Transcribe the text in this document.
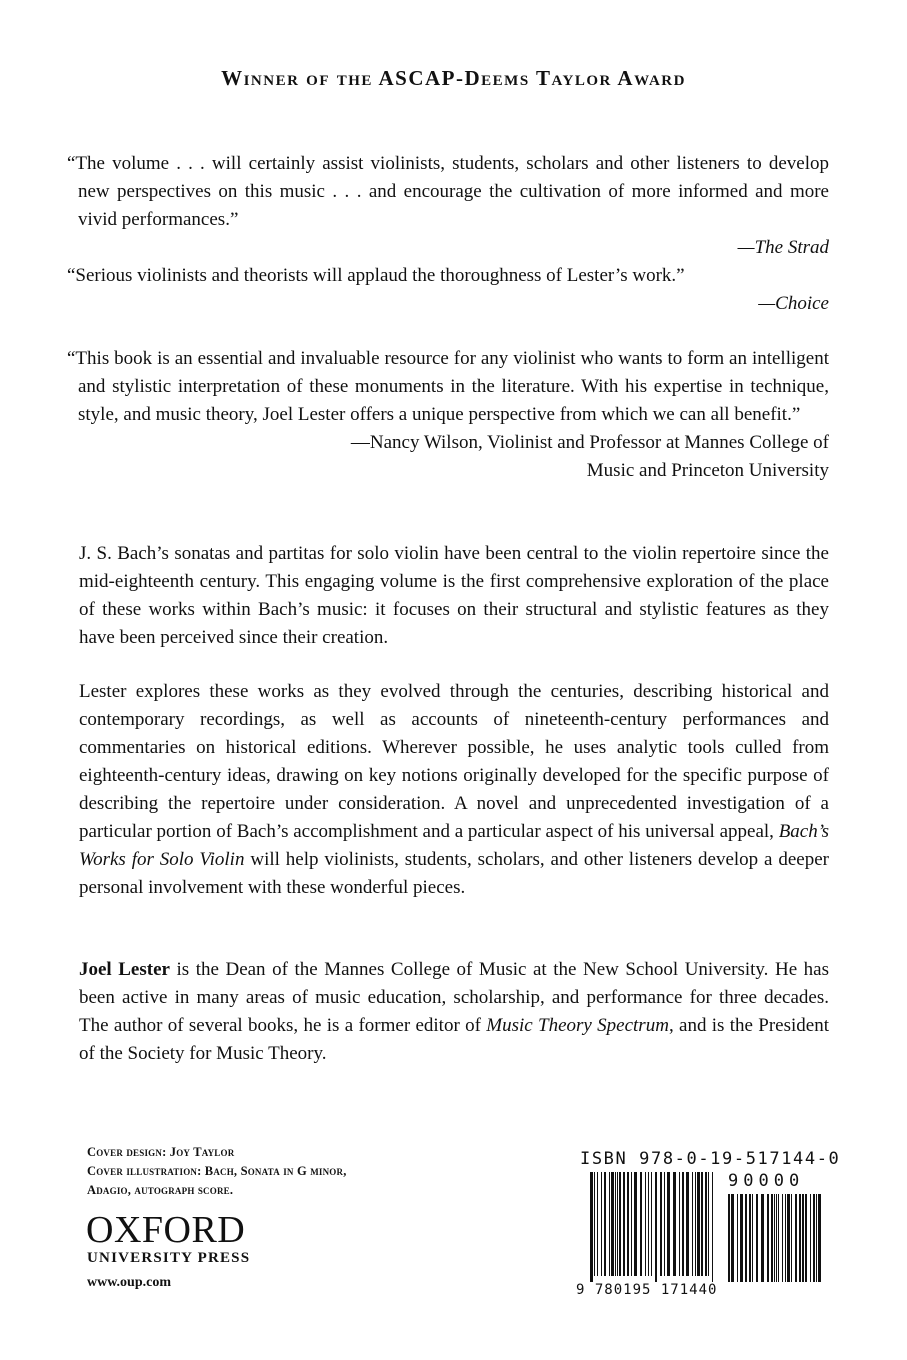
Winner of the ASCAP-Deems Taylor Award
“The volume . . . will certainly assist violinists, students, scholars and other listeners to develop new perspectives on this music . . . and encourage the cultivation of more informed and more vivid performances.”
—The Strad
“Serious violinists and theorists will applaud the thoroughness of Lester’s work.”
—Choice
“This book is an essential and invaluable resource for any violinist who wants to form an intelligent and stylistic interpretation of these monuments in the literature. With his expertise in technique, style, and music theory, Joel Lester offers a unique perspective from which we can all benefit.”
—Nancy Wilson, Violinist and Professor at Mannes College of Music and Princeton University
J. S. Bach’s sonatas and partitas for solo violin have been central to the violin repertoire since the mid-eighteenth century. This engaging volume is the first comprehensive exploration of the place of these works within Bach’s music: it focuses on their structural and stylistic features as they have been perceived since their creation.
Lester explores these works as they evolved through the centuries, describing historical and contemporary recordings, as well as accounts of nineteenth-century performances and commentaries on historical editions. Wherever possible, he uses analytic tools culled from eighteenth-century ideas, drawing on key notions originally developed for the specific purpose of describing the repertoire under consideration. A novel and unprecedented investigation of a particular portion of Bach’s accomplishment and a particular aspect of his universal appeal, Bach’s Works for Solo Violin will help violinists, students, scholars, and other listeners develop a deeper personal involvement with these wonderful pieces.
Joel Lester is the Dean of the Mannes College of Music at the New School University. He has been active in many areas of music education, scholarship, and performance for three decades. The author of several books, he is a former editor of Music Theory Spectrum, and is the President of the Society for Music Theory.
Cover design: Joy Taylor
Cover illustration: Bach, Sonata in G minor,
Adagio, autograph score.
OXFORD
UNIVERSITY PRESS
www.oup.com
ISBN 978-0-19-517144-0
90000
9 780195 171440
